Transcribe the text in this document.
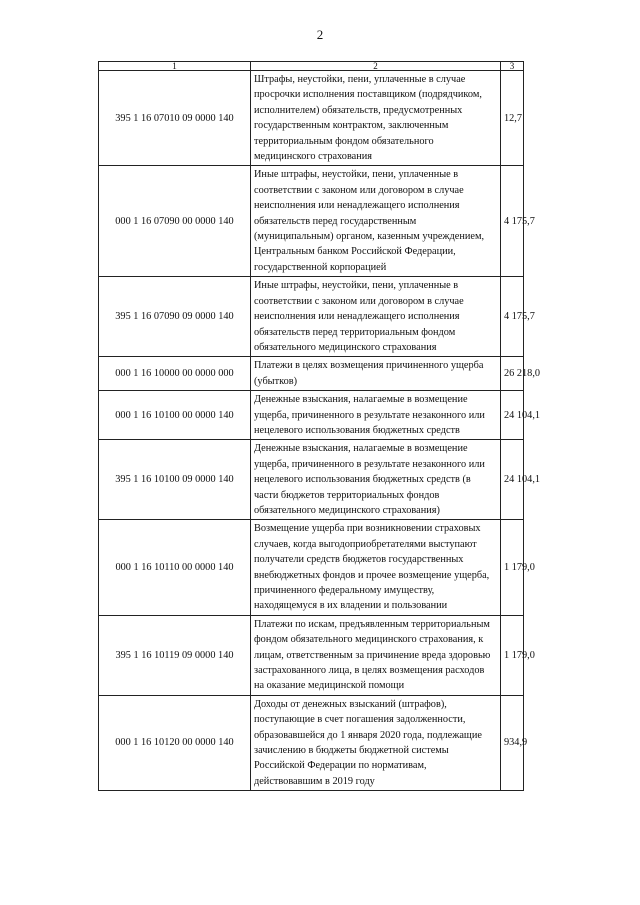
2
1	2	3
395 1 16 07010 09 0000 140	Штрафы, неустойки, пени, уплаченные в случае просрочки исполнения поставщиком (подрядчиком, исполнителем) обязательств, предусмотренных государственным контрактом, заключенным территориальным фондом обязательного медицинского страхования	12,7
000 1 16 07090 00 0000 140	Иные штрафы, неустойки, пени, уплаченные в соответствии с законом или договором в случае неисполнения или ненадлежащего исполнения обязательств перед государственным (муниципальным) органом, казенным учреждением, Центральным банком Российской Федерации, государственной корпорацией	4 175,7
395 1 16 07090 09 0000 140	Иные штрафы, неустойки, пени, уплаченные в соответствии с законом или договором в случае неисполнения или ненадлежащего исполнения обязательств перед территориальным фондом обязательного медицинского страхования	4 175,7
000 1 16 10000 00 0000 000	Платежи в целях возмещения причиненного ущерба (убытков)	26 218,0
000 1 16 10100 00 0000 140	Денежные взыскания, налагаемые в возмещение ущерба, причиненного в результате незаконного или нецелевого использования бюджетных средств	24 104,1
395 1 16 10100 09 0000 140	Денежные взыскания, налагаемые в возмещение ущерба, причиненного в результате незаконного или нецелевого использования бюджетных средств (в части бюджетов территориальных фондов обязательного медицинского страхования)	24 104,1
000 1 16 10110 00 0000 140	Возмещение ущерба при возникновении страховых случаев, когда выгодоприобретателями выступают получатели средств бюджетов государственных внебюджетных фондов и прочее возмещение ущерба, причиненного федеральному имуществу, находящемуся в их владении и пользовании	1 179,0
395 1 16 10119 09 0000 140	Платежи по искам, предъявленным территориальным фондом обязательного медицинского страхования, к лицам, ответственным за причинение вреда здоровью застрахованного лица, в целях возмещения расходов на оказание медицинской помощи	1 179,0
000 1 16 10120 00 0000 140	Доходы от денежных взысканий (штрафов), поступающие в счет погашения задолженности, образовавшейся до 1 января 2020 года, подлежащие зачислению в бюджеты бюджетной системы Российской Федерации по нормативам, действовавшим в 2019 году	934,9
